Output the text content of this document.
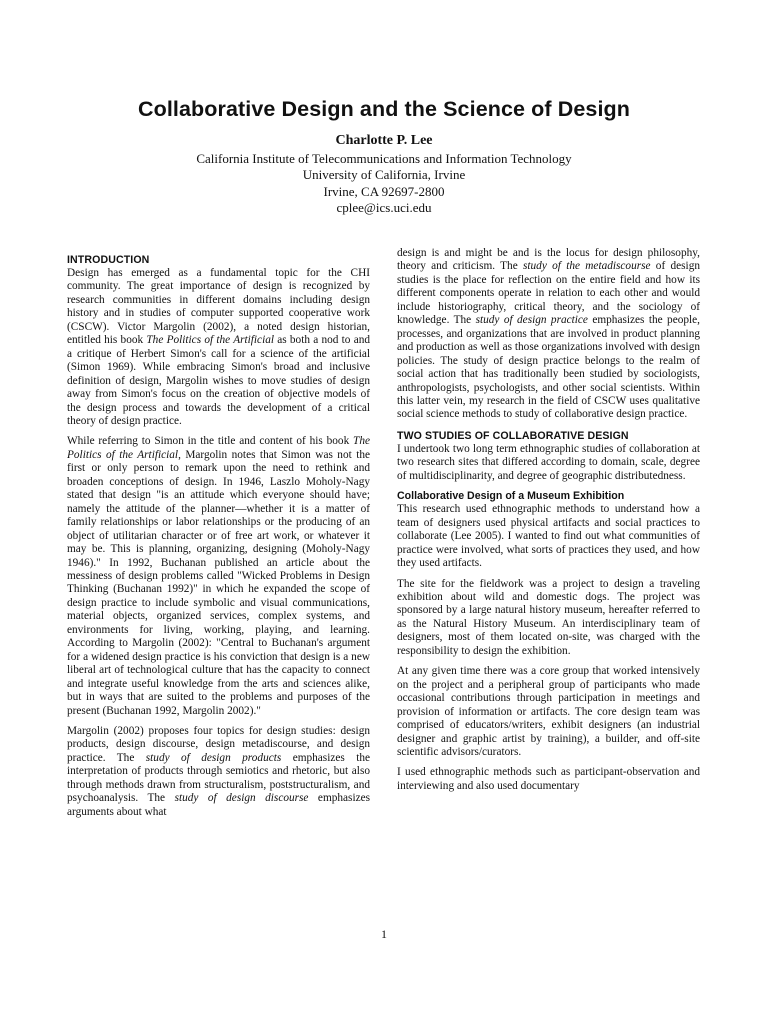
Collaborative Design and the Science of Design
Charlotte P. Lee
California Institute of Telecommunications and Information Technology
University of California, Irvine
Irvine, CA 92697-2800
cplee@ics.uci.edu
INTRODUCTION

Design has emerged as a fundamental topic for the CHI community. The great importance of design is recognized by research communities in different domains including design history and in studies of computer supported cooperative work (CSCW). Victor Margolin (2002), a noted design historian, entitled his book The Politics of the Artificial as both a nod to and a critique of Herbert Simon's call for a science of the artificial (Simon 1969). While embracing Simon's broad and inclusive definition of design, Margolin wishes to move studies of design away from Simon's focus on the creation of objective models of the design process and towards the development of a critical theory of design practice.

While referring to Simon in the title and content of his book The Politics of the Artificial, Margolin notes that Simon was not the first or only person to remark upon the need to rethink and broaden conceptions of design. In 1946, Laszlo Moholy-Nagy stated that design "is an attitude which everyone should have; namely the attitude of the planner—whether it is a matter of family relationships or labor relationships or the producing of an object of utilitarian character or of free art work, or whatever it may be. This is planning, organizing, designing (Moholy-Nagy 1946)." In 1992, Buchanan published an article about the messiness of design problems called "Wicked Problems in Design Thinking (Buchanan 1992)" in which he expanded the scope of design practice to include symbolic and visual communications, material objects, organized services, complex systems, and environments for living, working, playing, and learning. According to Margolin (2002): "Central to Buchanan's argument for a widened design practice is his conviction that design is a new liberal art of technological culture that has the capacity to connect and integrate useful knowledge from the arts and sciences alike, but in ways that are suited to the problems and purposes of the present (Buchanan 1992, Margolin 2002)."

Margolin (2002) proposes four topics for design studies: design products, design discourse, design metadiscourse, and design practice. The study of design products emphasizes the interpretation of products through semiotics and rhetoric, but also through methods drawn from structuralism, poststructuralism, and psychoanalysis. The study of design discourse emphasizes arguments about what

design is and might be and is the locus for design philosophy, theory and criticism. The study of the metadiscourse of design studies is the place for reflection on the entire field and how its different components operate in relation to each other and would include historiography, critical theory, and the sociology of knowledge. The study of design practice emphasizes the people, processes, and organizations that are involved in product planning and production as well as those organizations involved with design policies. The study of design practice belongs to the realm of social action that has traditionally been studied by sociologists, anthropologists, psychologists, and other social scientists. Within this latter vein, my research in the field of CSCW uses qualitative social science methods to study of collaborative design practice.

TWO STUDIES OF COLLABORATIVE DESIGN

I undertook two long term ethnographic studies of collaboration at two research sites that differed according to domain, scale, degree of multidisciplinarity, and degree of geographic distributedness.

Collaborative Design of a Museum Exhibition

This research used ethnographic methods to understand how a team of designers used physical artifacts and social practices to collaborate (Lee 2005). I wanted to find out what communities of practice were involved, what sorts of practices they used, and how they used artifacts.

The site for the fieldwork was a project to design a traveling exhibition about wild and domestic dogs. The project was sponsored by a large natural history museum, hereafter referred to as the Natural History Museum. An interdisciplinary team of designers, most of them located on-site, was charged with the responsibility to design the exhibition.

At any given time there was a core group that worked intensively on the project and a peripheral group of participants who made occasional contributions through participation in meetings and provision of information or artifacts. The core design team was comprised of educators/writers, exhibit designers (an industrial designer and graphic artist by training), a builder, and off-site scientific advisors/curators.

I used ethnographic methods such as participant-observation and interviewing and also used documentary

1
